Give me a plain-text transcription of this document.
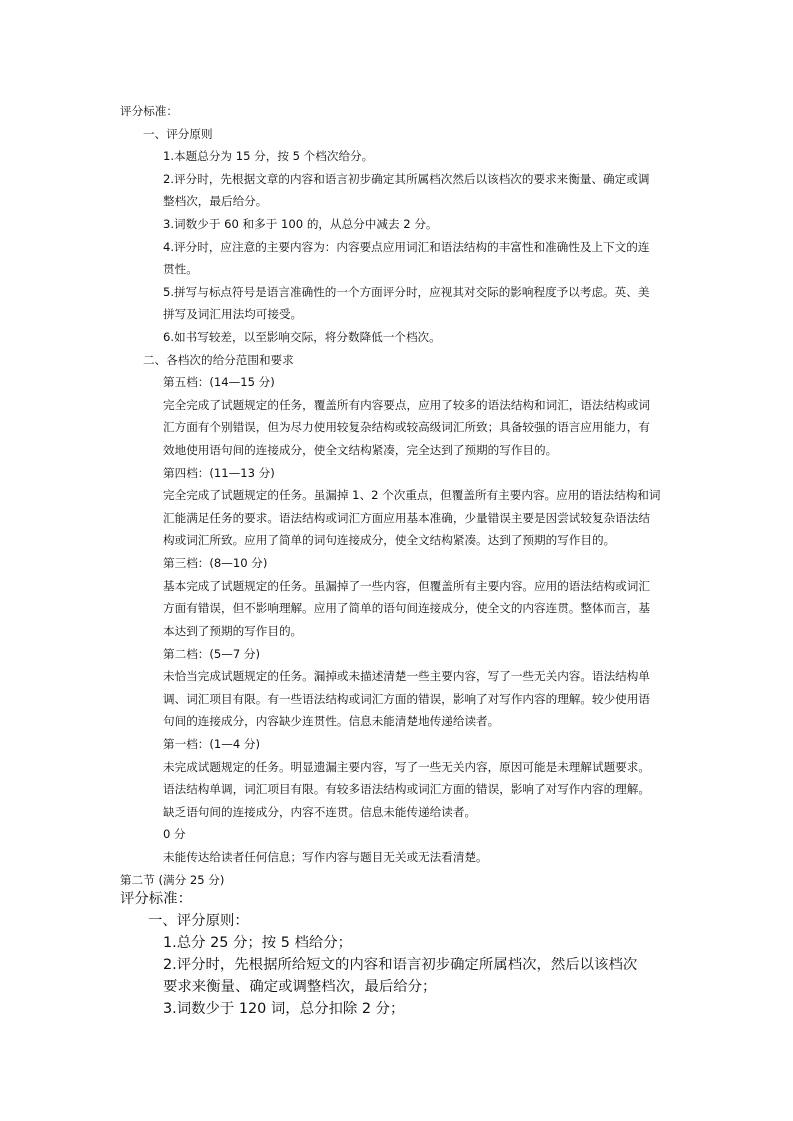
评分标准：
一、评分原则
1.本题总分为 15 分，按 5 个档次给分。
2.评分时，先根据文章的内容和语言初步确定其所属档次然后以该档次的要求来衡量、确定或调
整档次，最后给分。
3.词数少于 60 和多于 100 的，从总分中减去 2 分。
4.评分时，应注意的主要内容为：内容要点应用词汇和语法结构的丰富性和准确性及上下文的连
贯性。
5.拼写与标点符号是语言准确性的一个方面评分时，应视其对交际的影响程度予以考虑。英、美
拼写及词汇用法均可接受。
6.如书写较差，以至影响交际，将分数降低一个档次。
二、各档次的给分范围和要求
第五档：(14—15 分)
完全完成了试题规定的任务，覆盖所有内容要点，应用了较多的语法结构和词汇，语法结构或词
汇方面有个别错误，但为尽力使用较复杂结构或较高级词汇所致；具备较强的语言应用能力，有
效地使用语句间的连接成分，使全文结构紧凑，完全达到了预期的写作目的。
第四档：(11—13 分)
完全完成了试题规定的任务。虽漏掉 1、2 个次重点，但覆盖所有主要内容。应用的语法结构和词
汇能满足任务的要求。语法结构或词汇方面应用基本准确，少量错误主要是因尝试较复杂语法结
构或词汇所致。应用了简单的词句连接成分，使全文结构紧凑。达到了预期的写作目的。
第三档：(8—10 分)
基本完成了试题规定的任务。虽漏掉了一些内容，但覆盖所有主要内容。应用的语法结构或词汇
方面有错误，但不影响理解。应用了简单的语句间连接成分，使全文的内容连贯。整体而言，基
本达到了预期的写作目的。
第二档：(5—7 分)
未恰当完成试题规定的任务。漏掉或未描述清楚一些主要内容，写了一些无关内容。语法结构单
调、词汇项目有限。有一些语法结构或词汇方面的错误，影响了对写作内容的理解。较少使用语
句间的连接成分，内容缺少连贯性。信息未能清楚地传递给读者。
第一档：(1—4 分)
未完成试题规定的任务。明显遗漏主要内容，写了一些无关内容，原因可能是未理解试题要求。
语法结构单调，词汇项目有限。有较多语法结构或词汇方面的错误，影响了对写作内容的理解。
缺乏语句间的连接成分，内容不连贯。信息未能传递给读者。
0 分
未能传达给读者任何信息；写作内容与题目无关或无法看清楚。
第二节 (满分 25 分)
评分标准：
一、评分原则：
1.总分 25 分；按 5 档给分；
2.评分时，先根据所给短文的内容和语言初步确定所属档次，然后以该档次
要求来衡量、确定或调整档次，最后给分；
3.词数少于 120 词，总分扣除 2 分；
